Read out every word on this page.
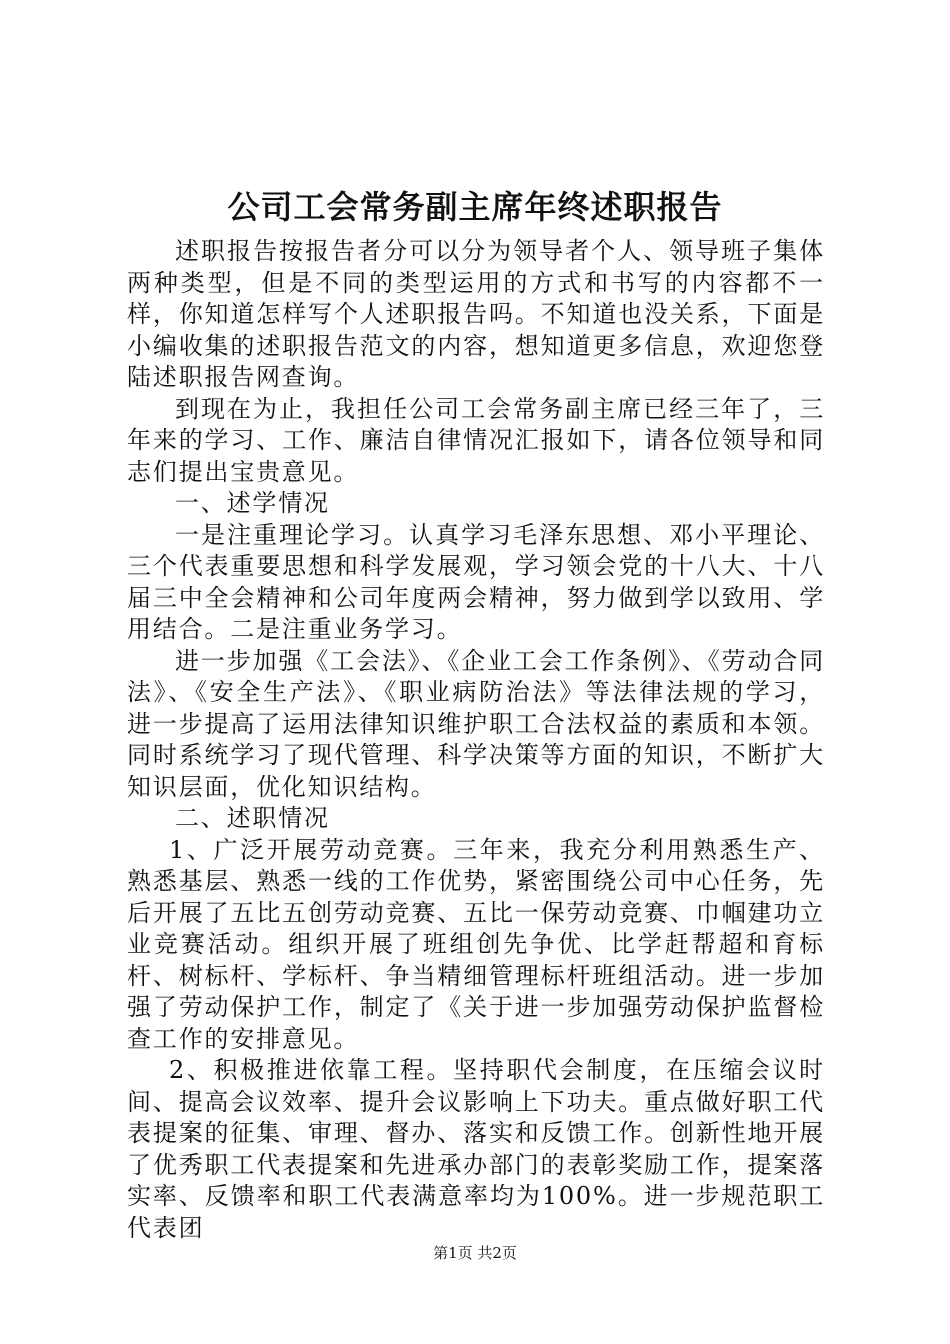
公司工会常务副主席年终述职报告

述职报告按报告者分可以分为领导者个人、领导班子集体两种类型，但是不同的类型运用的方式和书写的内容都不一样，你知道怎样写个人述职报告吗。不知道也没关系，下面是小编收集的述职报告范文的内容，想知道更多信息，欢迎您登陆述职报告网查询。

到现在为止，我担任公司工会常务副主席已经三年了，三年来的学习、工作、廉洁自律情况汇报如下，请各位领导和同志们提出宝贵意见。

一、述学情况

一是注重理论学习。认真学习毛泽东思想、邓小平理论、三个代表重要思想和科学发展观，学习领会党的十八大、十八届三中全会精神和公司年度两会精神，努力做到学以致用、学用结合。二是注重业务学习。

进一步加强《工会法》、《企业工会工作条例》、《劳动合同法》、《安全生产法》、《职业病防治法》等法律法规的学习，进一步提高了运用法律知识维护职工合法权益的素质和本领。同时系统学习了现代管理、科学决策等方面的知识，不断扩大知识层面，优化知识结构。

二、述职情况

1、广泛开展劳动竞赛。三年来，我充分利用熟悉生产、熟悉基层、熟悉一线的工作优势，紧密围绕公司中心任务，先后开展了五比五创劳动竞赛、五比一保劳动竞赛、巾帼建功立业竞赛活动。组织开展了班组创先争优、比学赶帮超和育标杆、树标杆、学标杆、争当精细管理标杆班组活动。进一步加强了劳动保护工作，制定了《关于进一步加强劳动保护监督检查工作的安排意见。

2、积极推进依靠工程。坚持职代会制度，在压缩会议时间、提高会议效率、提升会议影响上下功夫。重点做好职工代表提案的征集、审理、督办、落实和反馈工作。创新性地开展了优秀职工代表提案和先进承办部门的表彰奖励工作，提案落实率、反馈率和职工代表满意率均为100%。进一步规范职工代表团

第1页 共2页
